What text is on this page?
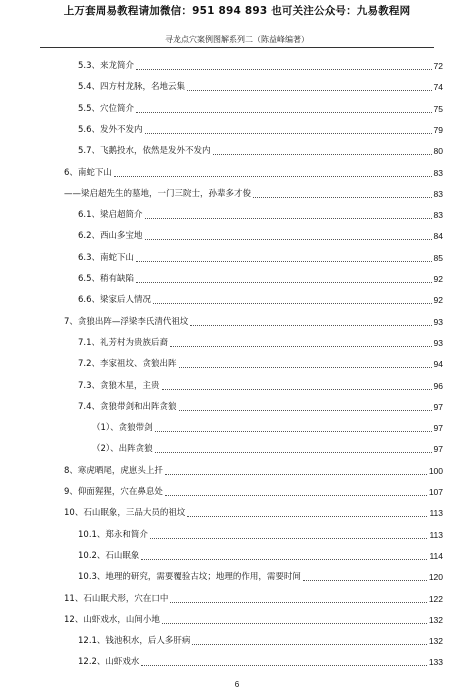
上万套周易教程请加微信：951 894 893 也可关注公众号：九易教程网
寻龙点穴案例图解系列二（陈益峰编著）
5.3、来龙简介	72
5.4、四方村龙脉，名地云集	74
5.5、穴位简介	75
5.6、发外不发内	79
5.7、飞鹅投水，依然是发外不发内	80
6、南蛇下山	83
——梁启超先生的墓地，一门三院士，孙辈多才俊	83
6.1、梁启超简介	83
6.2、西山多宝地	84
6.3、南蛇下山	85
6.5、稍有缺陷	92
6.6、梁家后人情况	92
7、贪狼出阵—浮梁李氏清代祖坟	93
7.1、礼芳村为贵族后裔	93
7.2、李家祖坟、贪狼出阵	94
7.3、贪狼木星，主贵	96
7.4、贪狼带剑和出阵贪狼	97
（1）、贪狼带剑	97
（2）、出阵贪狼	97
8、寒虎晒尾，虎崽头上扦	100
9、仰面猩猩，穴在鼻息处	107
10、石山眠象，三品大员的祖坟	113
10.1、郑永和简介	113
10.2、石山眠象	114
10.3、地理的研究，需要覆验古坟；地理的作用，需要时间	120
11、石山眠犬形，穴在口中	122
12、山虾戏水，山间小地	132
12.1、钱池积水，后人多肝病	132
12.2、山虾戏水	133
6
